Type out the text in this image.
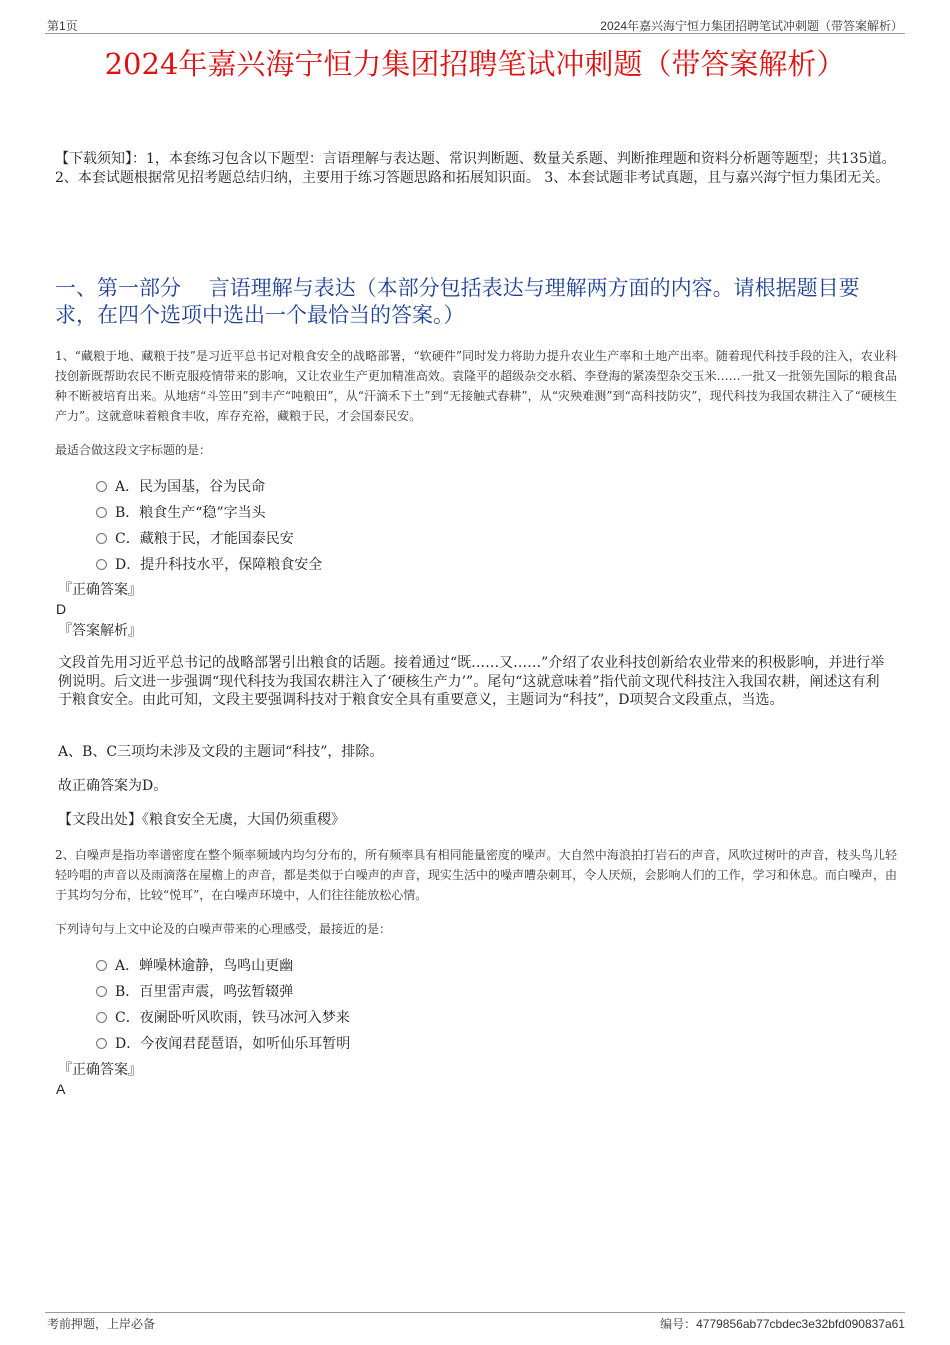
第1页	2024年嘉兴海宁恒力集团招聘笔试冲刺题（带答案解析）
2024年嘉兴海宁恒力集团招聘笔试冲刺题（带答案解析）
【下载须知】：1，本套练习包含以下题型：言语理解与表达题、常识判断题、数量关系题、判断推理题和资料分析题等题型；共135道。 2、本套试题根据常见招考题总结归纳，主要用于练习答题思路和拓展知识面。 3、本套试题非考试真题，且与嘉兴海宁恒力集团无关。
一、第一部分　 言语理解与表达（本部分包括表达与理解两方面的内容。请根据题目要求，在四个选项中选出一个最恰当的答案。）
1、“藏粮于地、藏粮于技”是习近平总书记对粮食安全的战略部署，“软硬件”同时发力将助力提升农业生产率和土地产出率。随着现代科技手段的注入，农业科技创新既帮助农民不断克服疫情带来的影响，又让农业生产更加精准高效。袁隆平的超级杂交水稻、李登海的紧凑型杂交玉米……一批又一批领先国际的粮食品种不断被培育出来。从地痞“斗笠田”到丰产“吨粮田”，从“汗滴禾下土”到“无接触式春耕”，从“灾殃难测”到“高科技防灾”，现代科技为我国农耕注入了“硬核生产力”。这就意味着粮食丰收，库存充裕，藏粮于民，才会国泰民安。
最适合做这段文字标题的是：
A．民为国基，谷为民命
B．粮食生产“稳”字当头
C．藏粮于民，才能国泰民安
D．提升科技水平，保障粮食安全
『正确答案』
D
『答案解析』
文段首先用习近平总书记的战略部署引出粮食的话题。接着通过“既……又……”介绍了农业科技创新给农业带来的积极影响，并进行举例说明。后文进一步强调“现代科技为我国农耕注入了‘硬核生产力’”。尾句“这就意味着”指代前文现代科技注入我国农耕，阐述这有利于粮食安全。由此可知，文段主要强调科技对于粮食安全具有重要意义，主题词为“科技”，D项契合文段重点，当选。
A、B、C三项均未涉及文段的主题词“科技”，排除。
故正确答案为D。
【文段出处】《粮食安全无虞，大国仍须重稷》
2、白噪声是指功率谱密度在整个频率频域内均匀分布的，所有频率具有相同能量密度的噪声。大自然中海浪拍打岩石的声音，风吹过树叶的声音，枝头鸟儿轻轻吟唱的声音以及雨滴落在屋檐上的声音，都是类似于白噪声的声音，现实生活中的噪声嘈杂刺耳，令人厌烦，会影响人们的工作，学习和休息。而白噪声，由于其均匀分布，比较“悦耳”，在白噪声环境中，人们往往能放松心情。
下列诗句与上文中论及的白噪声带来的心理感受，最接近的是：
A．蝉噪林逾静，鸟鸣山更幽
B．百里雷声震，鸣弦暂辍弹
C．夜阑卧听风吹雨，铁马冰河入梦来
D．今夜闻君琵琶语，如听仙乐耳暂明
『正确答案』
A
考前押题，上岸必备	编号：4779856ab77cbdec3e32bfd090837a61
